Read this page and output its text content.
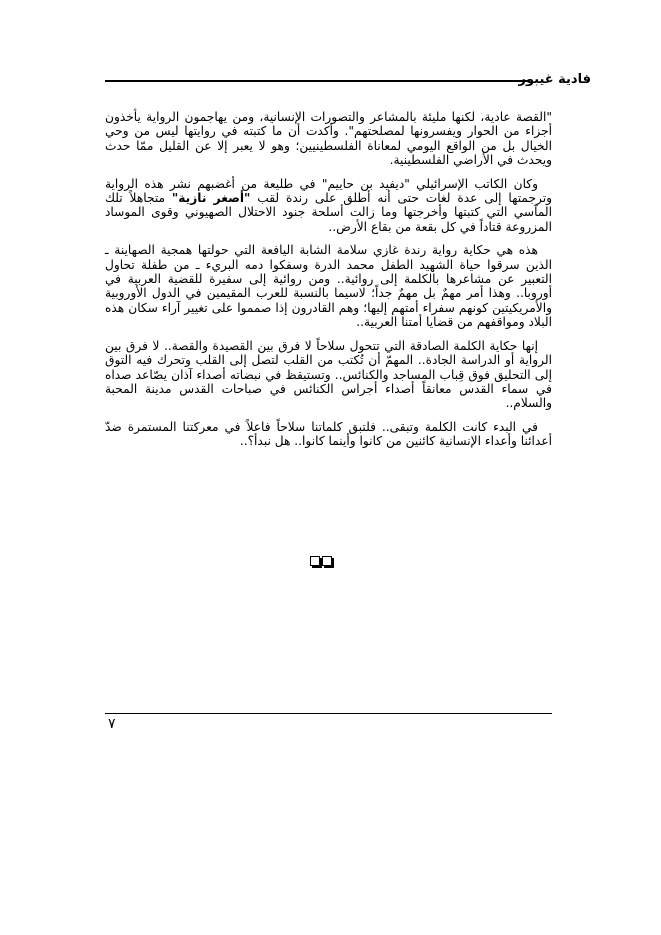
فادية غيبور

"القصة عادية، لكنها مليئة بالمشاعر والتصورات الإنسانية، ومن يهاجمون الرواية يأخذون أجزاء من الحوار ويفسرونها لمصلحتهم". وأكدت أن ما كتبته في روايتها ليس من وحي الخيال بل من الواقع اليومي لمعاناة الفلسطينيين؛ وهو لا يعبر إلا عن القليل ممّا حدث ويحدث في الأراضي الفلسطينية.

وكان الكاتب الإسرائيلي "ديفيد بن حاييم" في طليعة من أغضبهم نشر هذه الرواية وترجمتها إلى عدة لغات حتى أنه أطلق على رندة لقب "أصغر نازية" متجاهلاً تلك المآسي التي كتبتها وأخرجتها وما زالت أسلحة جنود الاحتلال الصهيوني وقوى الموساد المزروعة قتاداً في كل بقعة من بقاع الأرض..

هذه هي حكاية رواية رندة غازي سلامة الشابة اليافعة التي حولتها همجية الصهاينة ـ الذين سرقوا حياة الشهيد الطفل محمد الدرة وسفكوا دمه البريء ـ من طفلة تحاول التعبير عن مشاعرها بالكلمة إلى روائية.. ومن روائية إلى سفيرة للقضية العربية في أوروبا.. وهذا أمر مهمٌ بل مهمٌ جداً؛ لاسيما بالنسبة للعرب المقيمين في الدول الأوروبية والأمريكيتين كونهم سفراء أمتهم إليها؛ وهم القادرون إذا صمموا على تغيير آراء سكان هذه البلاد ومواقفهم من قضايا أمتنا العربية..

إنها حكاية الكلمة الصادقة التي تتحول سلاحاً لا فرق بين القصيدة والقصة.. لا فرق بين الرواية أو الدراسة الجادة.. المهمّ أن تُكتب من القلب لتصل إلى القلب وتحرك فيه التوق إلى التحليق فوق قِباب المساجد والكنائس.. وتستيقظ في نبضاته أصداء آذان يصّاعد صداه في سماء القدس معانقاً أصداء أجراس الكنائس في صباحات القدس مدينة المحبة والسلام..

في البدء كانت الكلمة وتبقى.. فلتبق كلماتنا سلاحاً فاعلاً في معركتنا المستمرة ضدّ أعدائنا وأعداء الإنسانية كائنين من كانوا وأينما كانوا.. هل نبدأ؟..

٧
